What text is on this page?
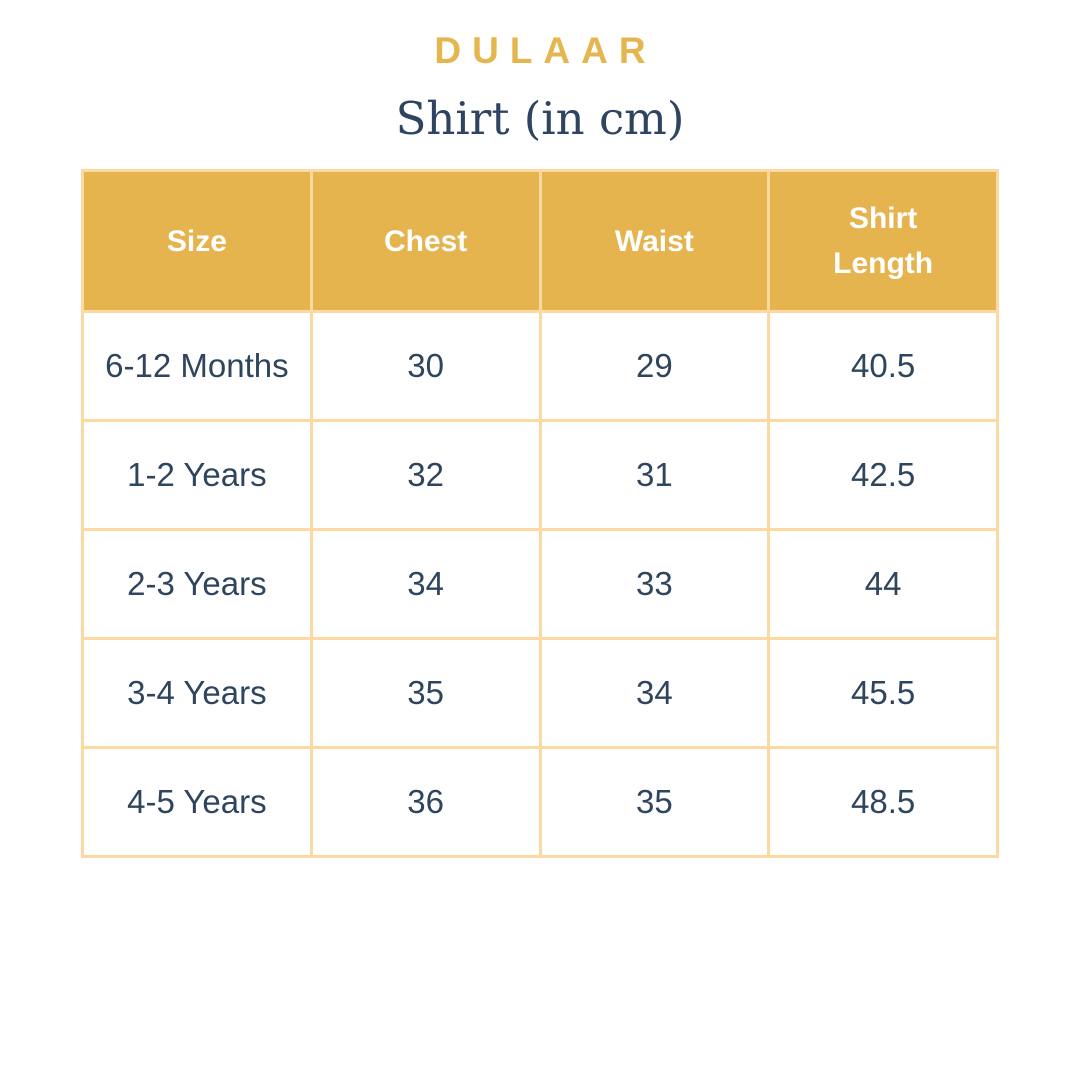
DULAAR
Shirt (in cm)
Size	Chest	Waist	Shirt Length
6-12 Months	30	29	40.5
1-2 Years	32	31	42.5
2-3 Years	34	33	44
3-4 Years	35	34	45.5
4-5 Years	36	35	48.5
